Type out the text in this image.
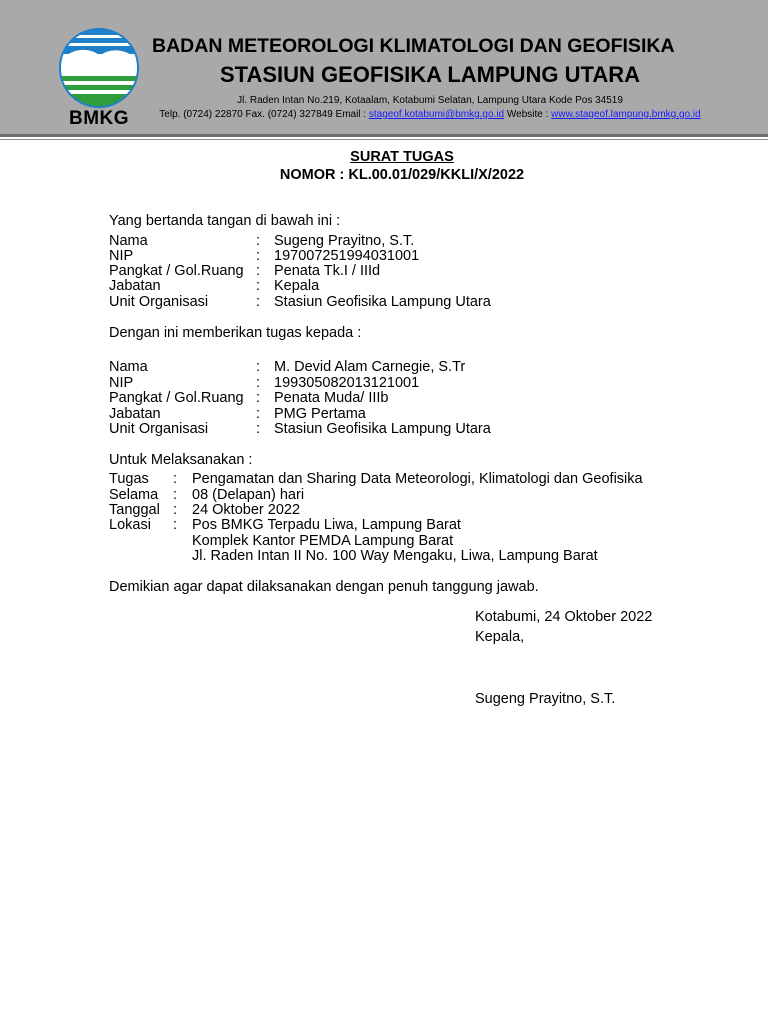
BMKG
BADAN METEOROLOGI KLIMATOLOGI DAN GEOFISIKA
STASIUN GEOFISIKA LAMPUNG UTARA
Jl. Raden Intan No.219, Kotaalam, Kotabumi Selatan, Lampung Utara Kode Pos 34519
Telp. (0724) 22870 Fax. (0724) 327849 Email : stageof.kotabumi@bmkg.go.id Website : www.stageof.lampung.bmkg.go.id
SURAT TUGAS
NOMOR : KL.00.01/029/KKLI/X/2022
Yang bertanda tangan di bawah ini :
Nama	: Sugeng Prayitno, S.T.
NIP	: 197007251994031001
Pangkat / Gol.Ruang : Penata Tk.I / IIId
Jabatan	: Kepala
Unit Organisasi	: Stasiun Geofisika Lampung Utara
Dengan ini memberikan tugas kepada :
Nama	: M. Devid Alam Carnegie, S.Tr
NIP	: 199305082013121001
Pangkat / Gol.Ruang : Penata Muda/ IIIb
Jabatan	: PMG Pertama
Unit Organisasi	: Stasiun Geofisika Lampung Utara
Untuk Melaksanakan :
Tugas : Pengamatan dan Sharing Data Meteorologi, Klimatologi dan Geofisika
Selama : 08 (Delapan) hari
Tanggal : 24 Oktober 2022
Lokasi : Pos BMKG Terpadu Liwa, Lampung Barat
Komplek Kantor PEMDA Lampung Barat
Jl. Raden Intan II No. 100 Way Mengaku, Liwa, Lampung Barat
Demikian agar dapat dilaksanakan dengan penuh tanggung jawab.
Kotabumi, 24 Oktober 2022
Kepala,
Sugeng Prayitno, S.T.
